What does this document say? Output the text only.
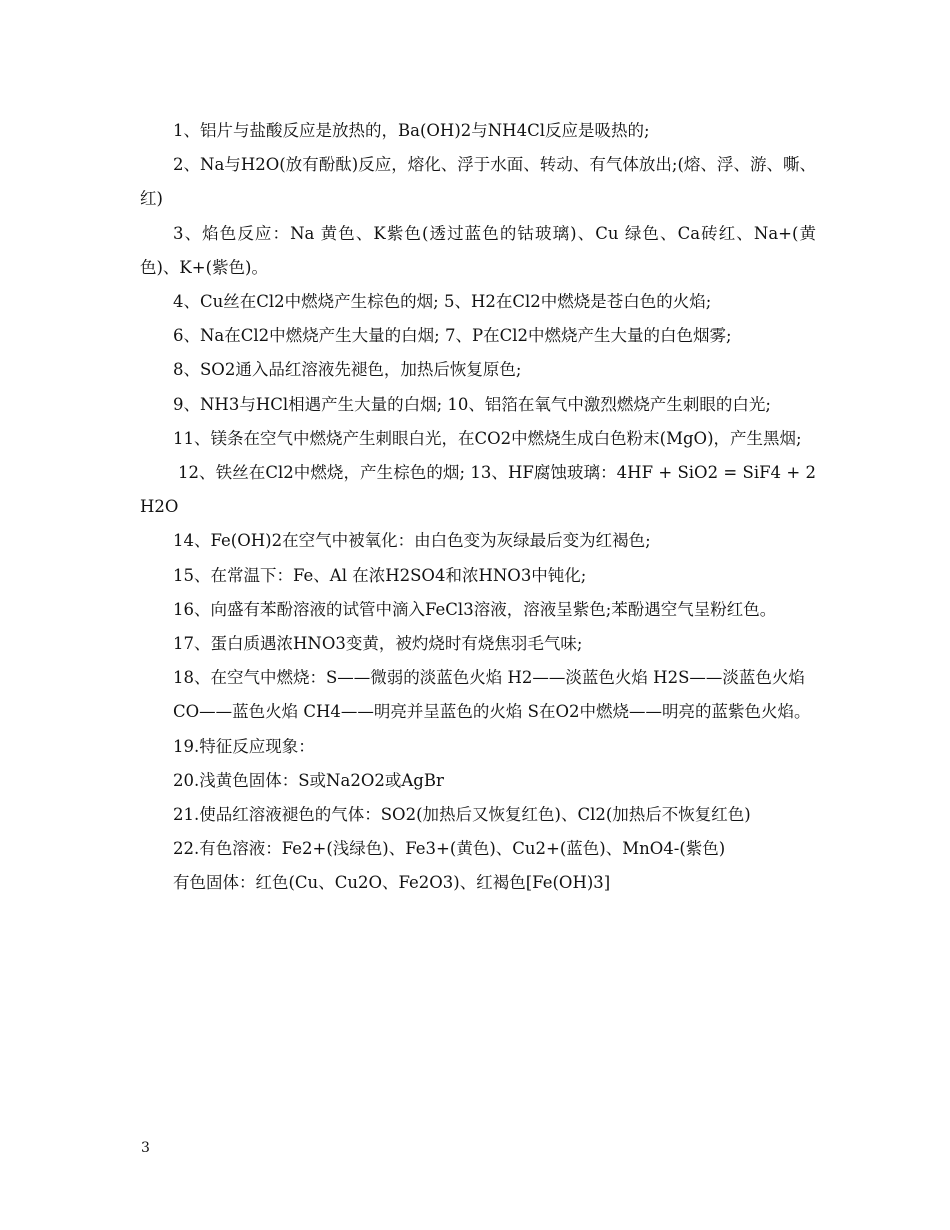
1、铝片与盐酸反应是放热的，Ba(OH)2与NH4Cl反应是吸热的;

2、Na与H2O(放有酚酞)反应，熔化、浮于水面、转动、有气体放出;(熔、浮、游、嘶、红)

3、焰色反应：Na 黄色、K紫色(透过蓝色的钴玻璃)、Cu 绿色、Ca砖红、Na+(黄色)、K+(紫色)。

4、Cu丝在Cl2中燃烧产生棕色的烟; 5、H2在Cl2中燃烧是苍白色的火焰;

6、Na在Cl2中燃烧产生大量的白烟; 7、P在Cl2中燃烧产生大量的白色烟雾;

8、SO2通入品红溶液先褪色，加热后恢复原色;

9、NH3与HCl相遇产生大量的白烟; 10、铝箔在氧气中激烈燃烧产生刺眼的白光;

11、镁条在空气中燃烧产生刺眼白光，在CO2中燃烧生成白色粉末(MgO)，产生黑烟;

12、铁丝在Cl2中燃烧，产生棕色的烟; 13、HF腐蚀玻璃：4HF + SiO2 = SiF4 + 2H2O

14、Fe(OH)2在空气中被氧化：由白色变为灰绿最后变为红褐色;

15、在常温下：Fe、Al 在浓H2SO4和浓HNO3中钝化;

16、向盛有苯酚溶液的试管中滴入FeCl3溶液，溶液呈紫色;苯酚遇空气呈粉红色。

17、蛋白质遇浓HNO3变黄，被灼烧时有烧焦羽毛气味;

18、在空气中燃烧：S——微弱的淡蓝色火焰 H2——淡蓝色火焰 H2S——淡蓝色火焰

CO——蓝色火焰 CH4——明亮并呈蓝色的火焰 S在O2中燃烧——明亮的蓝紫色火焰。

19.特征反应现象：

20.浅黄色固体：S或Na2O2或AgBr

21.使品红溶液褪色的气体：SO2(加热后又恢复红色)、Cl2(加热后不恢复红色)

22.有色溶液：Fe2+(浅绿色)、Fe3+(黄色)、Cu2+(蓝色)、MnO4-(紫色)

有色固体：红色(Cu、Cu2O、Fe2O3)、红褐色[Fe(OH)3]

3
